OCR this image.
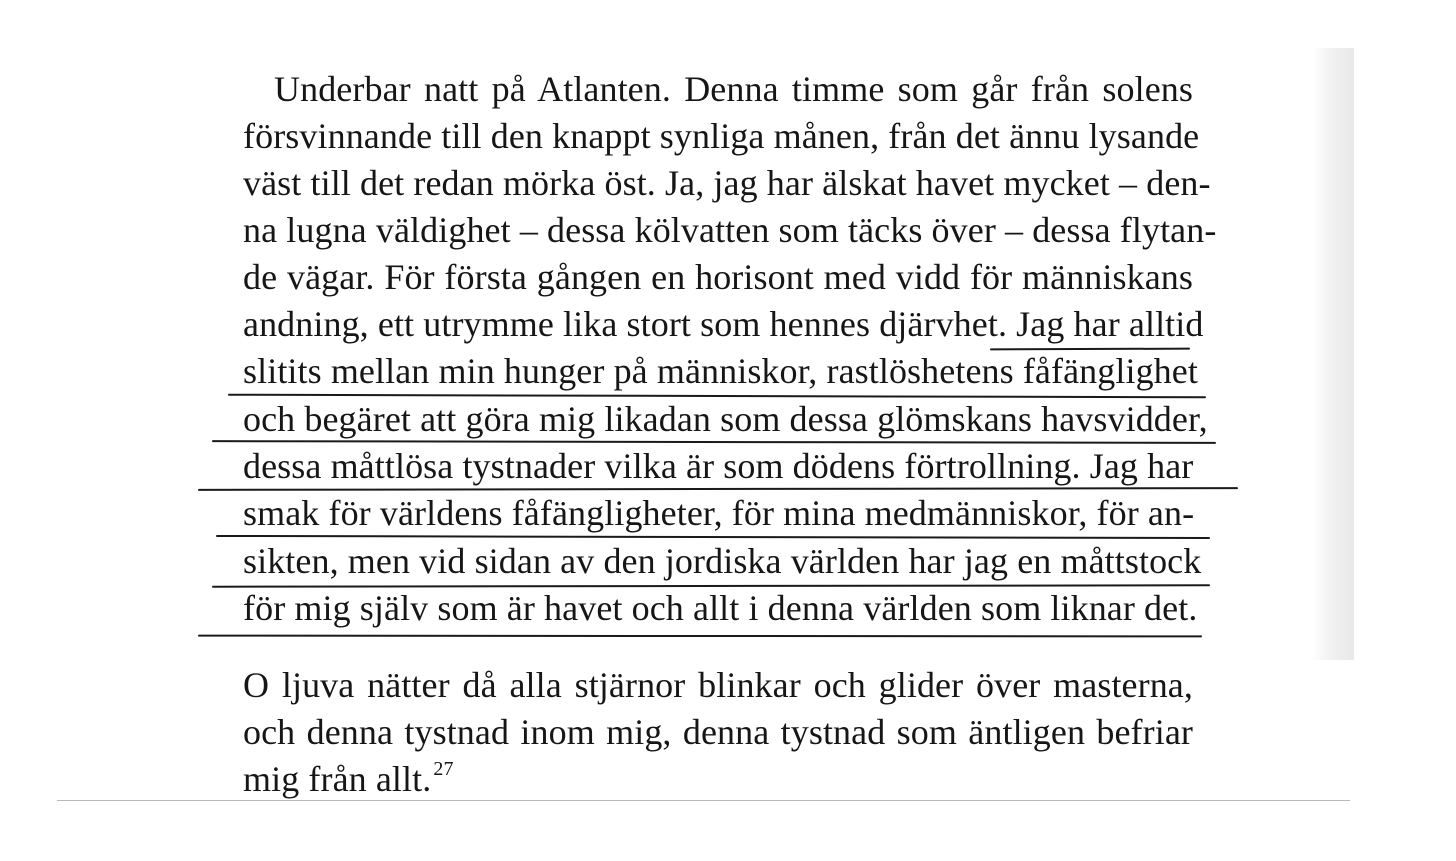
Underbar natt på Atlanten. Denna timme som går från solens
försvinnande till den knappt synliga månen, från det ännu lysande
väst till det redan mörka öst. Ja, jag har älskat havet mycket – den-
na lugna väldighet – dessa kölvatten som täcks över – dessa flytan-
de vägar. För första gången en horisont med vidd för människans
andning, ett utrymme lika stort som hennes djärvhet. Jag har alltid
slitits mellan min hunger på människor, rastlöshetens fåfänglighet
och begäret att göra mig likadan som dessa glömskans havsvidder,
dessa måttlösa tystnader vilka är som dödens förtrollning. Jag har
smak för världens fåfängligheter, för mina medmänniskor, för an-
sikten, men vid sidan av den jordiska världen har jag en måttstock
för mig själv som är havet och allt i denna världen som liknar det.
O ljuva nätter då alla stjärnor blinkar och glider över masterna,
och denna tystnad inom mig, denna tystnad som äntligen befriar
mig från allt. $^{27}$
